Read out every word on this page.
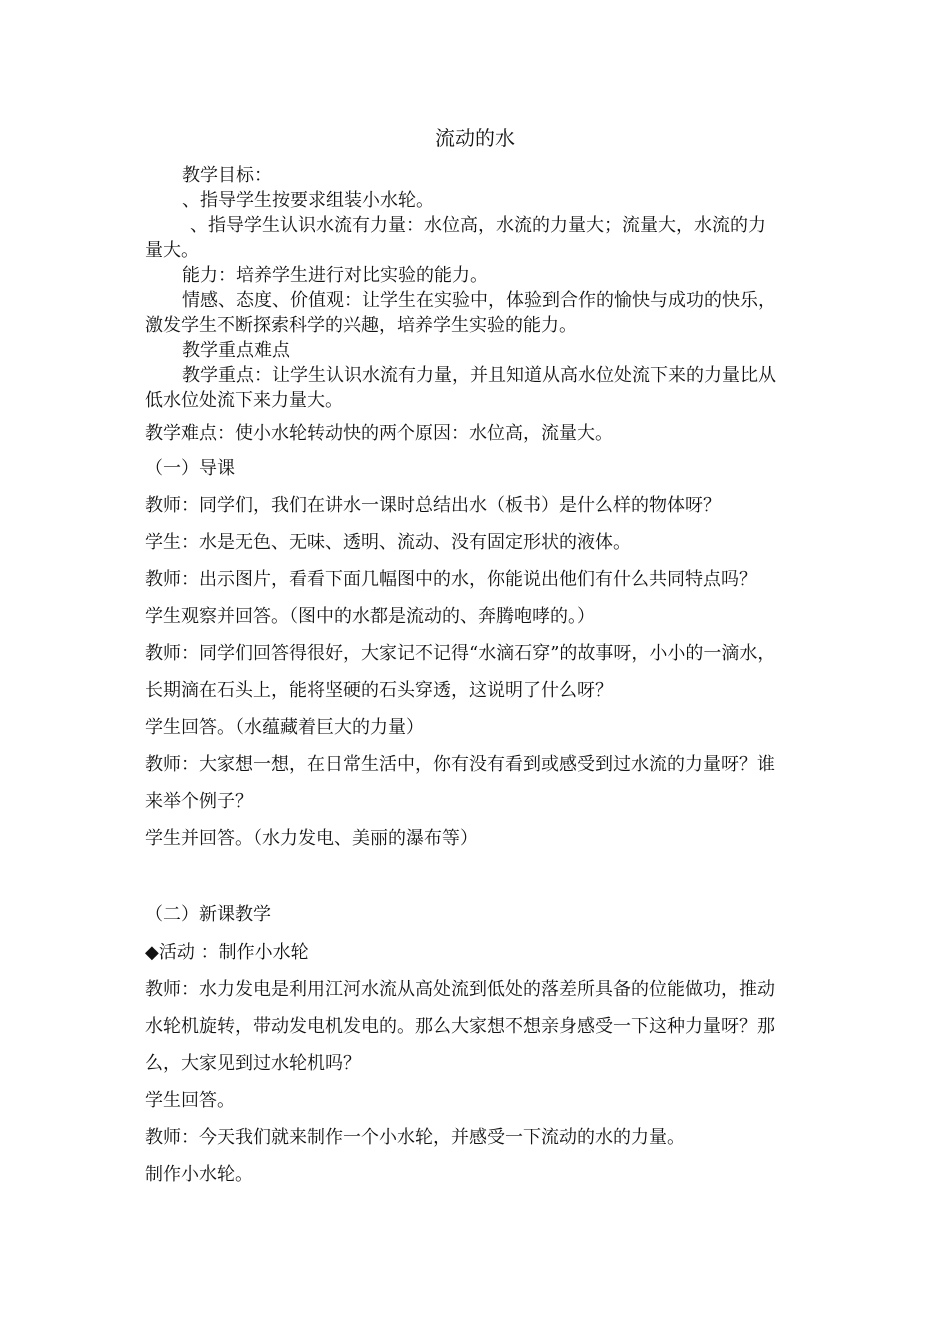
流动的水
教学目标：
、指导学生按要求组装小水轮。
、指导学生认识水流有力量：水位高，水流的力量大；流量大，水流的力
量大。
能力：培养学生进行对比实验的能力。
情感、态度、价值观：让学生在实验中，体验到合作的愉快与成功的快乐，
激发学生不断探索科学的兴趣，培养学生实验的能力。
教学重点难点
教学重点：让学生认识水流有力量，并且知道从高水位处流下来的力量比从
低水位处流下来力量大。
教学难点：使小水轮转动快的两个原因：水位高，流量大。
（一）导课
教师：同学们，我们在讲水一课时总结出水（板书）是什么样的物体呀？
学生：水是无色、无味、透明、流动、没有固定形状的液体。
教师：出示图片，看看下面几幅图中的水，你能说出他们有什么共同特点吗？
学生观察并回答。（图中的水都是流动的、奔腾咆哮的。）
教师：同学们回答得很好，大家记不记得“水滴石穿”的故事呀，小小的一滴水，
长期滴在石头上，能将坚硬的石头穿透，这说明了什么呀？
学生回答。（水蕴藏着巨大的力量）
教师：大家想一想，在日常生活中，你有没有看到或感受到过水流的力量呀？谁
来举个例子？
学生并回答。（水力发电、美丽的瀑布等）
（二）新课教学
◆活动 ：制作小水轮
教师：水力发电是利用江河水流从高处流到低处的落差所具备的位能做功，推动
水轮机旋转，带动发电机发电的。那么大家想不想亲身感受一下这种力量呀？那
么，大家见到过水轮机吗？
学生回答。
教师：今天我们就来制作一个小水轮，并感受一下流动的水的力量。
制作小水轮。
